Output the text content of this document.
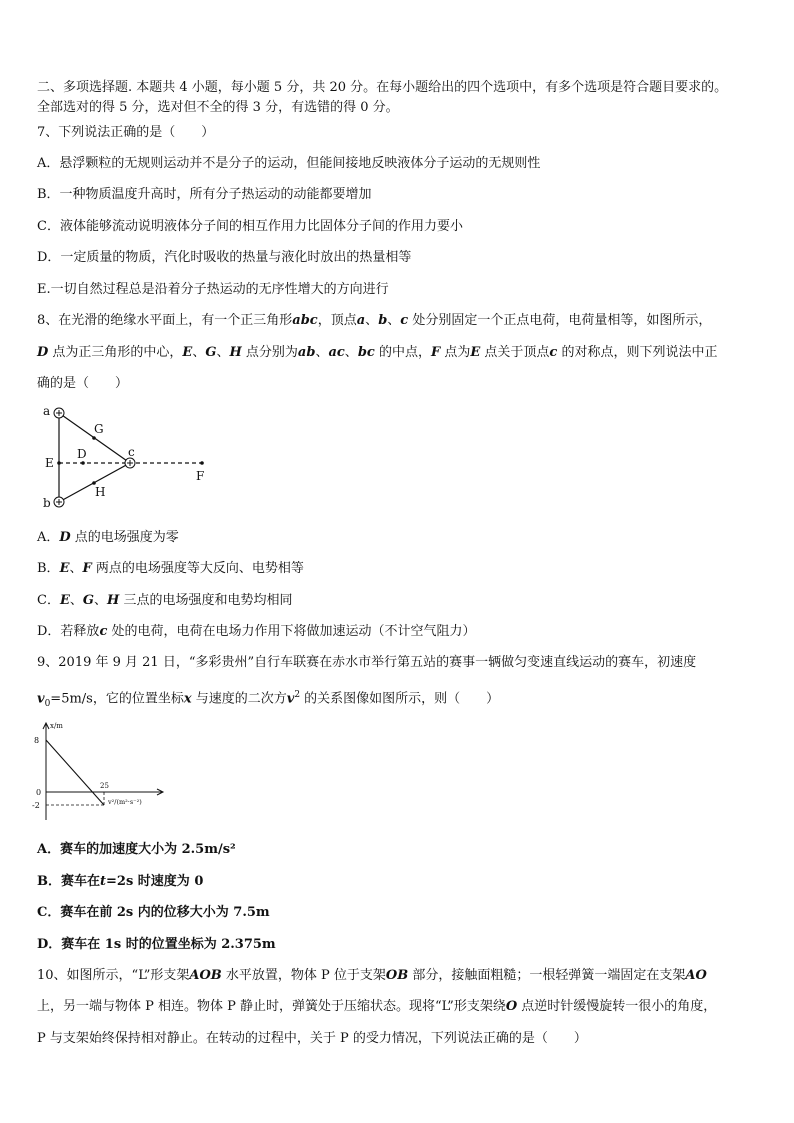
二、多项选择题. 本题共 4 小题，每小题 5 分，共 20 分。在每小题给出的四个选项中，有多个选项是符合题目要求的。
全部选对的得 5 分，选对但不全的得 3 分，有选错的得 0 分。
7、下列说法正确的是（　　）
A．悬浮颗粒的无规则运动并不是分子的运动，但能间接地反映液体分子运动的无规则性
B．一种物质温度升高时，所有分子热运动的动能都要增加
C．液体能够流动说明液体分子间的相互作用力比固体分子间的作用力要小
D．一定质量的物质，汽化时吸收的热量与液化时放出的热量相等
E.一切自然过程总是沿着分子热运动的无序性增大的方向进行
8、在光滑的绝缘水平面上，有一个正三角形abc，顶点a、b、c 处分别固定一个正点电荷，电荷量相等，如图所示，
D 点为正三角形的中心，E、G、H 点分别为ab、ac、bc 的中点，F 点为E 点关于顶点c 的对称点，则下列说法中正
确的是（　　）
a
b
c
D
E
F
G
H
A．D 点的电场强度为零
B．E、F 两点的电场强度等大反向、电势相等
C．E、G、H 三点的电场强度和电势均相同
D．若释放c 处的电荷，电荷在电场力作用下将做加速运动（不计空气阻力）
9、2019 年 9 月 21 日，“多彩贵州”自行车联赛在赤水市举行第五站的赛事一辆做匀变速直线运动的赛车，初速度
$v_0=5m/s$，它的位置坐标x 与速度的二次方$v^2$ 的关系图像如图所示，则（　　）
x/m
8
0
-2
25
v²/(m²·s⁻²)
A．赛车的加速度大小为 2.5m/s²
B．赛车在t=2s 时速度为 0
C．赛车在前 2s 内的位移大小为 7.5m
D．赛车在 1s 时的位置坐标为 2.375m
10、如图所示，“L”形支架AOB 水平放置，物体 P 位于支架OB 部分，接触面粗糙；一根轻弹簧一端固定在支架AO
上，另一端与物体 P 相连。物体 P 静止时，弹簧处于压缩状态。现将“L”形支架绕O 点逆时针缓慢旋转一很小的角度，
P 与支架始终保持相对静止。在转动的过程中，关于 P 的受力情况，下列说法正确的是（　　）
